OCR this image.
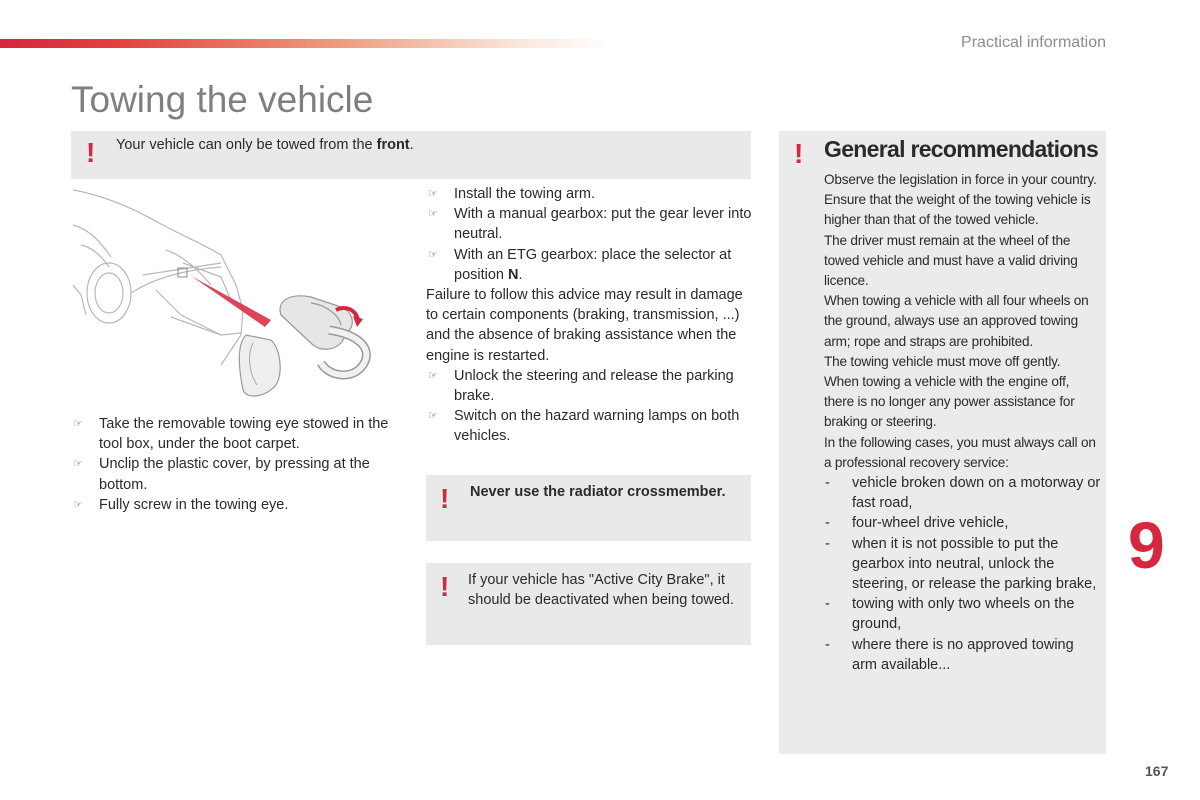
Practical information
Towing the vehicle
! Your vehicle can only be towed from the front.
☞ Take the removable towing eye stowed in the tool box, under the boot carpet.
☞ Unclip the plastic cover, by pressing at the bottom.
☞ Fully screw in the towing eye.
☞ Install the towing arm.
☞ With a manual gearbox: put the gear lever into neutral.
☞ With an ETG gearbox: place the selector at position N.

Failure to follow this advice may result in damage to certain components (braking, transmission, ...) and the absence of braking assistance when the engine is restarted.

☞ Unlock the steering and release the parking brake.
☞ Switch on the hazard warning lamps on both vehicles.
! Never use the radiator crossmember.
! If your vehicle has "Active City Brake", it should be deactivated when being towed.
! General recommendations

Observe the legislation in force in your country.

Ensure that the weight of the towing vehicle is higher than that of the towed vehicle.

The driver must remain at the wheel of the towed vehicle and must have a valid driving licence.

When towing a vehicle with all four wheels on the ground, always use an approved towing arm; rope and straps are prohibited.

The towing vehicle must move off gently.

When towing a vehicle with the engine off, there is no longer any power assistance for braking or steering.

In the following cases, you must always call on a professional recovery service:

- vehicle broken down on a motorway or fast road,
- four-wheel drive vehicle,
- when it is not possible to put the gearbox into neutral, unlock the steering, or release the parking brake,
- towing with only two wheels on the ground,
- where there is no approved towing arm available...
9
167
